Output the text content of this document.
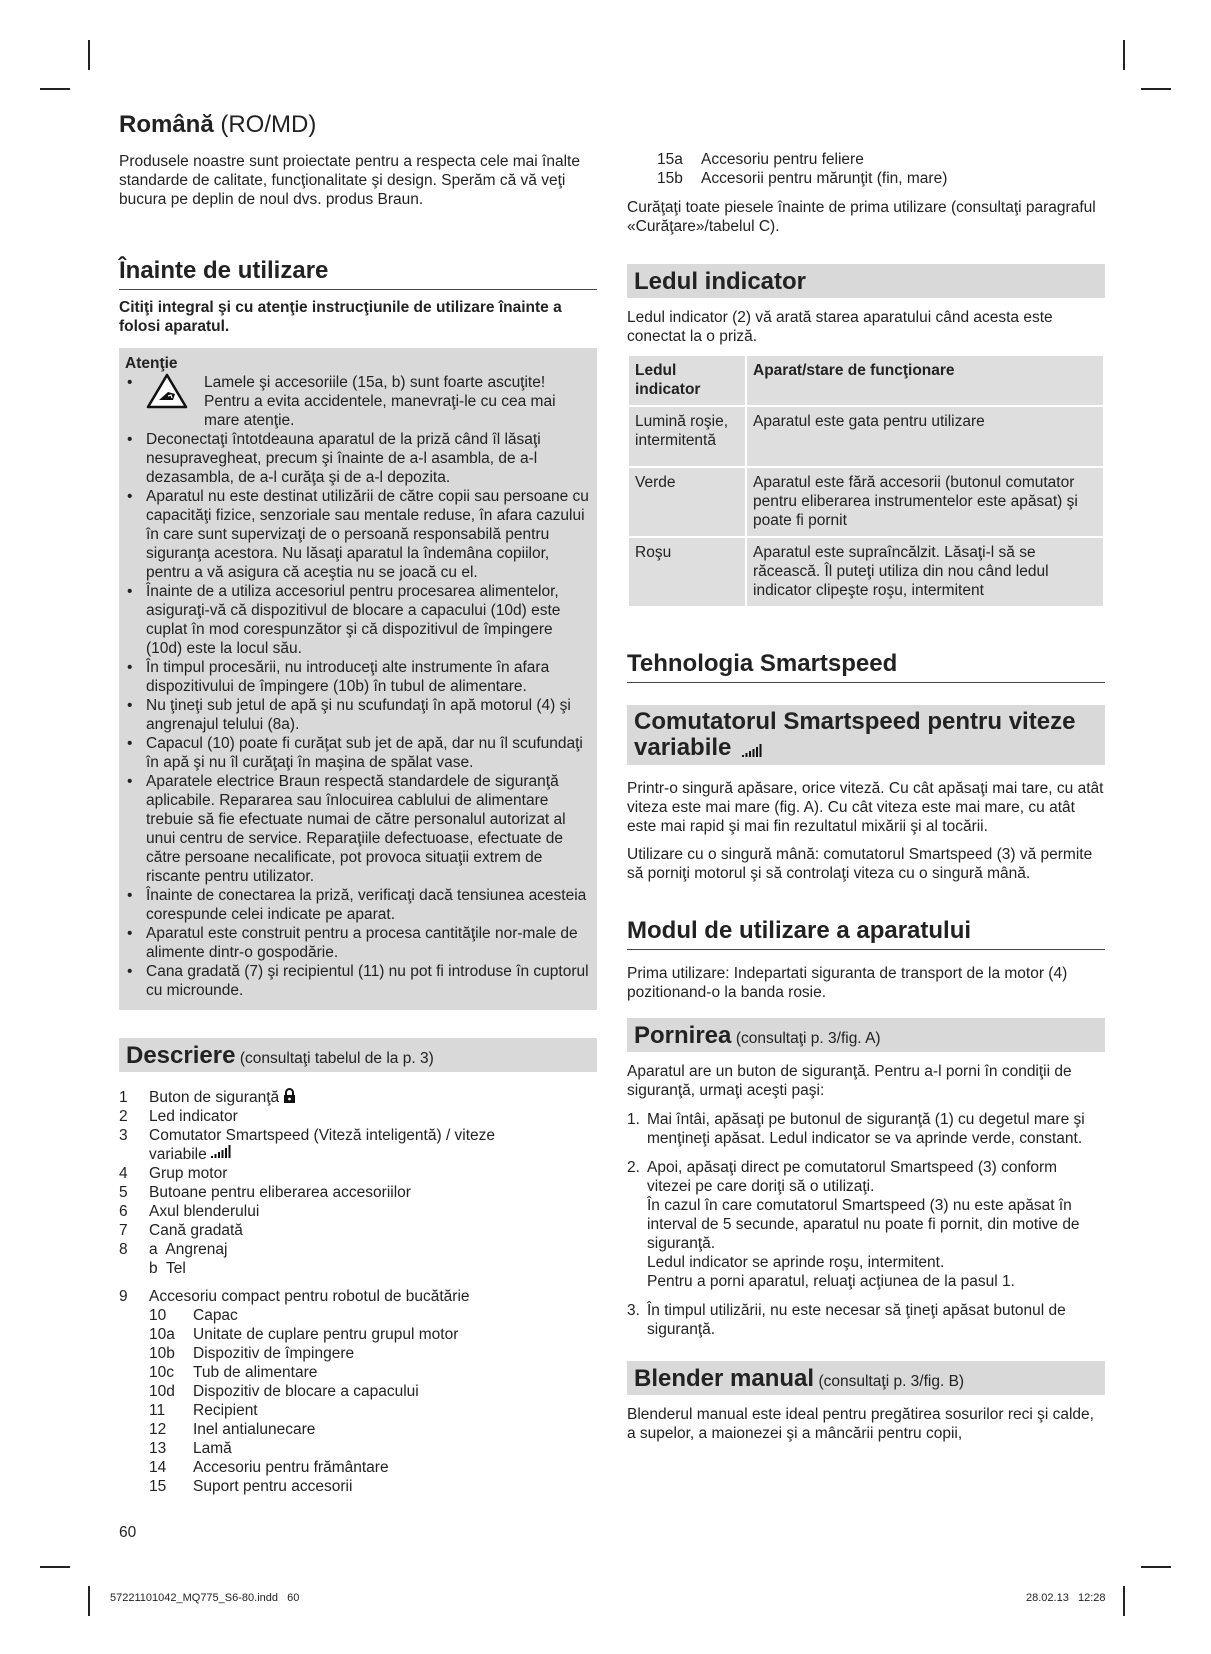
Română (RO/MD)

Produsele noastre sunt proiectate pentru a respecta cele mai înalte standarde de calitate, funcţionalitate şi design. Sperăm că vă veţi bucura pe deplin de noul dvs. produs Braun.

Înainte de utilizare

Citiţi integral şi cu atenţie instrucţiunile de utilizare înainte a folosi aparatul.

Atenţie
• Lamele şi accesoriile (15a, b) sunt foarte ascuţite! Pentru a evita accidentele, manevraţi-le cu cea mai mare atenţie.
• Deconectaţi întotdeauna aparatul de la priză când îl lăsaţi nesupravegheat, precum şi înainte de a-l asambla, de a-l dezasambla, de a-l curăţa şi de a-l depozita.
• Aparatul nu este destinat utilizării de către copii sau persoane cu capacităţi fizice, senzoriale sau mentale reduse, în afara cazului în care sunt supervizaţi de o persoană responsabilă pentru siguranţa acestora. Nu lăsaţi aparatul la îndemâna copiilor, pentru a vă asigura că aceştia nu se joacă cu el.
• Înainte de a utiliza accesoriul pentru procesarea alimentelor, asiguraţi-vă că dispozitivul de blocare a capacului (10d) este cuplat în mod corespunzător şi că dispozitivul de împingere (10d) este la locul său.
• În timpul procesării, nu introduceţi alte instrumente în afara dispozitivului de împingere (10b) în tubul de alimentare.
• Nu ţineţi sub jetul de apă şi nu scufundaţi în apă motorul (4) şi angrenajul telului (8a).
• Capacul (10) poate fi curăţat sub jet de apă, dar nu îl scufundaţi în apă şi nu îl curăţaţi în maşina de spălat vase.
• Aparatele electrice Braun respectă standardele de siguranţă aplicabile. Repararea sau înlocuirea cablului de alimentare trebuie să fie efectuate numai de către personalul autorizat al unui centru de service. Reparaţiile defectuoase, efectuate de către persoane necalificate, pot provoca situaţii extrem de riscante pentru utilizator.
• Înainte de conectarea la priză, verificaţi dacă tensiunea acesteia corespunde celei indicate pe aparat.
• Aparatul este construit pentru a procesa cantităţile nor-male de alimente dintr-o gospodărie.
• Cana gradată (7) şi recipientul (11) nu pot fi introduse în cuptorul cu microunde.
Descriere (consultaţi tabelul de la p. 3)
1	Buton de siguranţă

2	Led indicator
3	Comutator Smartspeed (Viteză inteligentă) / viteze
variabile

4	Grup motor
5	Butoane pentru eliberarea accesoriilor
6	Axul blenderului
7	Cană gradată
8	a  Angrenaj
b  Tel
9	Accesoriu compact pentru robotul de bucătărie
10	Capac
10a	Unitate de cuplare pentru grupul motor
10b	Dispozitiv de împingere
10c	Tub de alimentare
10d	Dispozitiv de blocare a capacului
11	Recipient
12	Inel antialunecare
13	Lamă
14	Accesoriu pentru frământare
15	Suport pentru accesorii
60
15a	Accesoriu pentru feliere
15b	Accesorii pentru mărunţit (fin, mare)

Curăţaţi toate piesele înainte de prima utilizare (consultaţi paragraful «Curăţare»/tabelul C).

Ledul indicator

Ledul indicator (2) vă arată starea aparatului când acesta este conectat la o priză.

Ledul indicator	Aparat/stare de funcţionare
Lumină roşie, intermitentă	Aparatul este gata pentru utilizare
Verde	Aparatul este fără accesorii (butonul comutator pentru eliberarea instrumentelor este apăsat) şi poate fi pornit
Roşu	Aparatul este supraîncălzit. Lăsaţi-l să se răcească. Îl puteţi utiliza din nou când ledul indicator clipeşte roşu, intermitent
Tehnologia Smartspeed
Comutatorul Smartspeed pentru viteze variabile

Printr-o singură apăsare, orice viteză. Cu cât apăsaţi mai tare, cu atât viteza este mai mare (fig. A). Cu cât viteza este mai mare, cu atât este mai rapid şi mai fin rezultatul mixării şi al tocării.

Utilizare cu o singură mână: comutatorul Smartspeed (3) vă permite să porniţi motorul şi să controlaţi viteza cu o singură mână.

Modul de utilizare a aparatului

Prima utilizare: Indepartati siguranta de transport de la motor (4) pozitionand-o la banda rosie.

Pornirea (consultaţi p. 3/fig. A)

Aparatul are un buton de siguranţă. Pentru a-l porni în condiţii de siguranţă, urmaţi aceşti paşi:

1. Mai întâi, apăsaţi pe butonul de siguranţă (1) cu degetul mare şi menţineţi apăsat. Ledul indicator se va aprinde verde, constant.
2. Apoi, apăsaţi direct pe comutatorul Smartspeed (3) conform vitezei pe care doriţi să o utilizaţi.
În cazul în care comutatorul Smartspeed (3) nu este apăsat în interval de 5 secunde, aparatul nu poate fi pornit, din motive de siguranţă.
Ledul indicator se aprinde roşu, intermitent.
Pentru a porni aparatul, reluaţi acţiunea de la pasul 1.
3. În timpul utilizării, nu este necesar să ţineţi apăsat butonul de siguranţă.
Blender manual (consultaţi p. 3/fig. B)

Blenderul manual este ideal pentru pregătirea sosurilor reci şi calde, a supelor, a maionezei şi a mâncării pentru copii,

57221101042_MQ775_S6-80.indd   60	28.02.13   12:28
